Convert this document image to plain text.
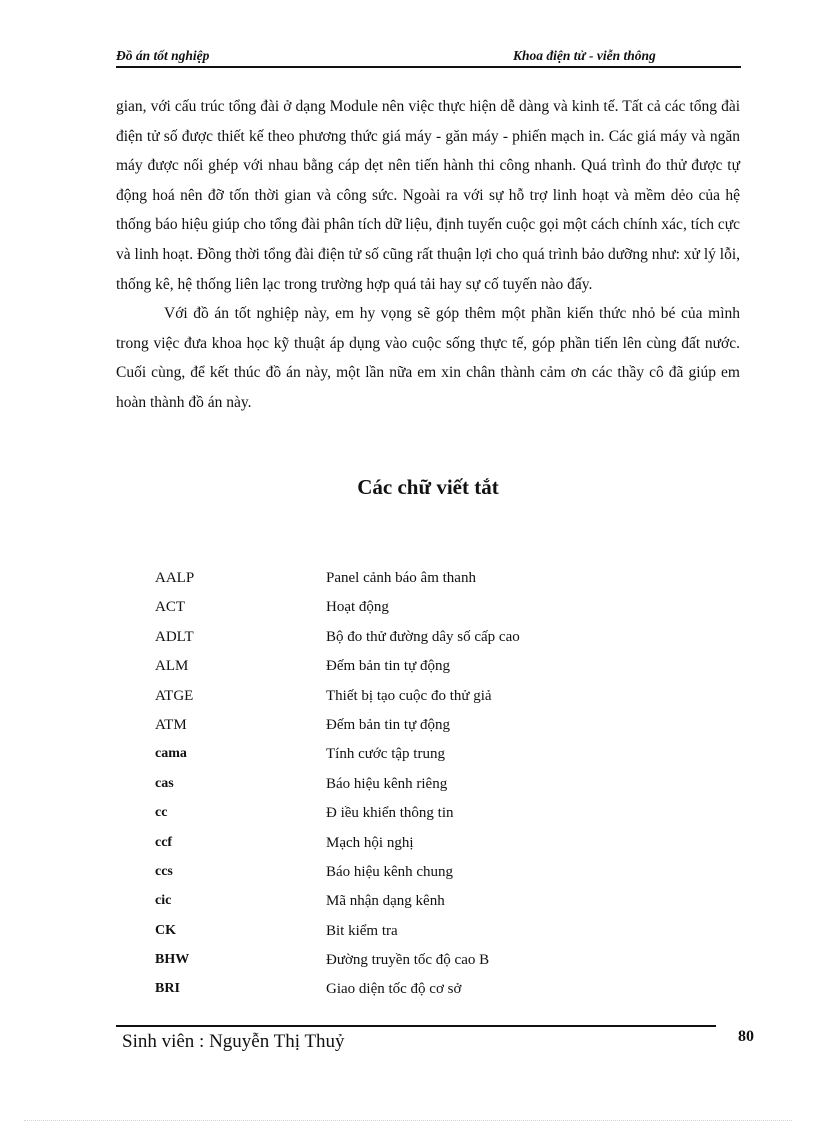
Đồ án tốt nghiệp	Khoa điện tử - viễn thông

gian, với cấu trúc tổng đài ở dạng Module nên việc thực hiện dễ dàng và kinh tế. Tất cả các tổng đài điện tử số được thiết kế theo phương thức giá máy - găn máy - phiến mạch in. Các giá máy và ngăn máy được nối ghép với nhau bằng cáp dẹt nên tiến hành thi công nhanh. Quá trình đo thử được tự động hoá nên đỡ tốn thời gian và công sức. Ngoài ra với sự hỗ trợ linh hoạt và mềm dẻo của hệ thống báo hiệu giúp cho tổng đài phân tích dữ liệu, định tuyến cuộc gọi một cách chính xác, tích cực và linh hoạt. Đồng thời tổng đài điện tử số cũng rất thuận lợi cho quá trình bảo dưỡng như: xử lý lỗi, thống kê, hệ thống liên lạc trong trường hợp quá tải hay sự cố tuyến nào đấy.

Với đồ án tốt nghiệp này, em hy vọng sẽ góp thêm một phần kiến thức nhỏ bé của mình trong việc đưa khoa học kỹ thuật áp dụng vào cuộc sống thực tế, góp phần tiến lên cùng đất nước. Cuối cùng, để kết thúc đồ án này, một lần nữa em xin chân thành cảm ơn các thầy cô đã giúp em hoàn thành đồ án này.

Các chữ viết tắt
AALP	Panel cảnh báo âm thanh
ACT	Hoạt động
ADLT	Bộ đo thử đường dây số cấp cao
ALM	Đếm bản tin tự động
ATGE	Thiết bị tạo cuộc đo thử giả
ATM	Đếm bản tin tự động
cama	Tính cước tập trung
cas	Báo hiệu kênh riêng
cc	Đ iều khiển thông tin
ccf	Mạch hội nghị
ccs	Báo hiệu kênh chung
cic	Mã nhận dạng kênh
CK	Bit kiểm tra
BHW	Đường truyền tốc độ cao B
BRI	Giao diện tốc độ cơ sở
Sinh viên : Nguyễn Thị Thuỷ	80
